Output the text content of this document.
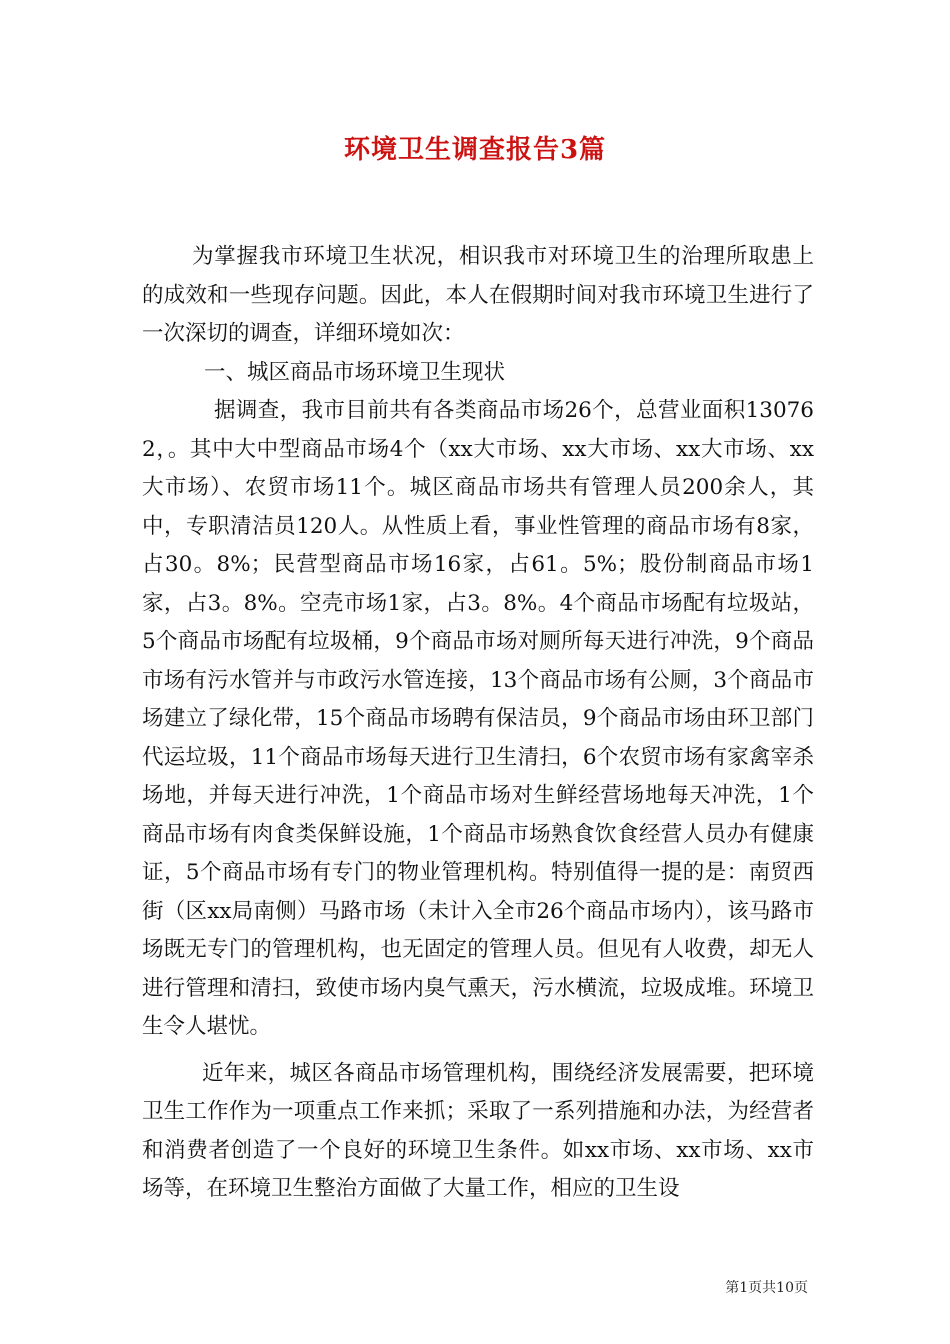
环境卫生调查报告3篇

为掌握我市环境卫生状况，相识我市对环境卫生的治理所取患上的成效和一些现存问题。因此，本人在假期时间对我市环境卫生进行了一次深切的调查，详细环境如次：

一、城区商品市场环境卫生现状

据调查，我市目前共有各类商品市场26个，总营业面积130762，。其中大中型商品市场4个（xx大市场、xx大市场、xx大市场、xx大市场）、农贸市场11个。城区商品市场共有管理人员200余人，其中，专职清洁员120人。从性质上看，事业性管理的商品市场有8家，占30。8%；民营型商品市场16家，占61。5%；股份制商品市场1家，占3。8%。空壳市场1家，占3。8%。4个商品市场配有垃圾站，5个商品市场配有垃圾桶，9个商品市场对厕所每天进行冲洗，9个商品市场有污水管并与市政污水管连接，13个商品市场有公厕，3个商品市场建立了绿化带，15个商品市场聘有保洁员，9个商品市场由环卫部门代运垃圾，11个商品市场每天进行卫生清扫，6个农贸市场有家禽宰杀场地，并每天进行冲洗，1个商品市场对生鲜经营场地每天冲洗，1个商品市场有肉食类保鲜设施，1个商品市场熟食饮食经营人员办有健康证，5个商品市场有专门的物业管理机构。特别值得一提的是：南贸西街（区xx局南侧）马路市场（未计入全市26个商品市场内），该马路市场既无专门的管理机构，也无固定的管理人员。但见有人收费，却无人进行管理和清扫，致使市场内臭气熏天，污水横流，垃圾成堆。环境卫生令人堪忧。

近年来，城区各商品市场管理机构，围绕经济发展需要，把环境卫生工作作为一项重点工作来抓；采取了一系列措施和办法，为经营者和消费者创造了一个良好的环境卫生条件。如xx市场、xx市场、xx市场等，在环境卫生整治方面做了大量工作，相应的卫生设

第1页共10页
